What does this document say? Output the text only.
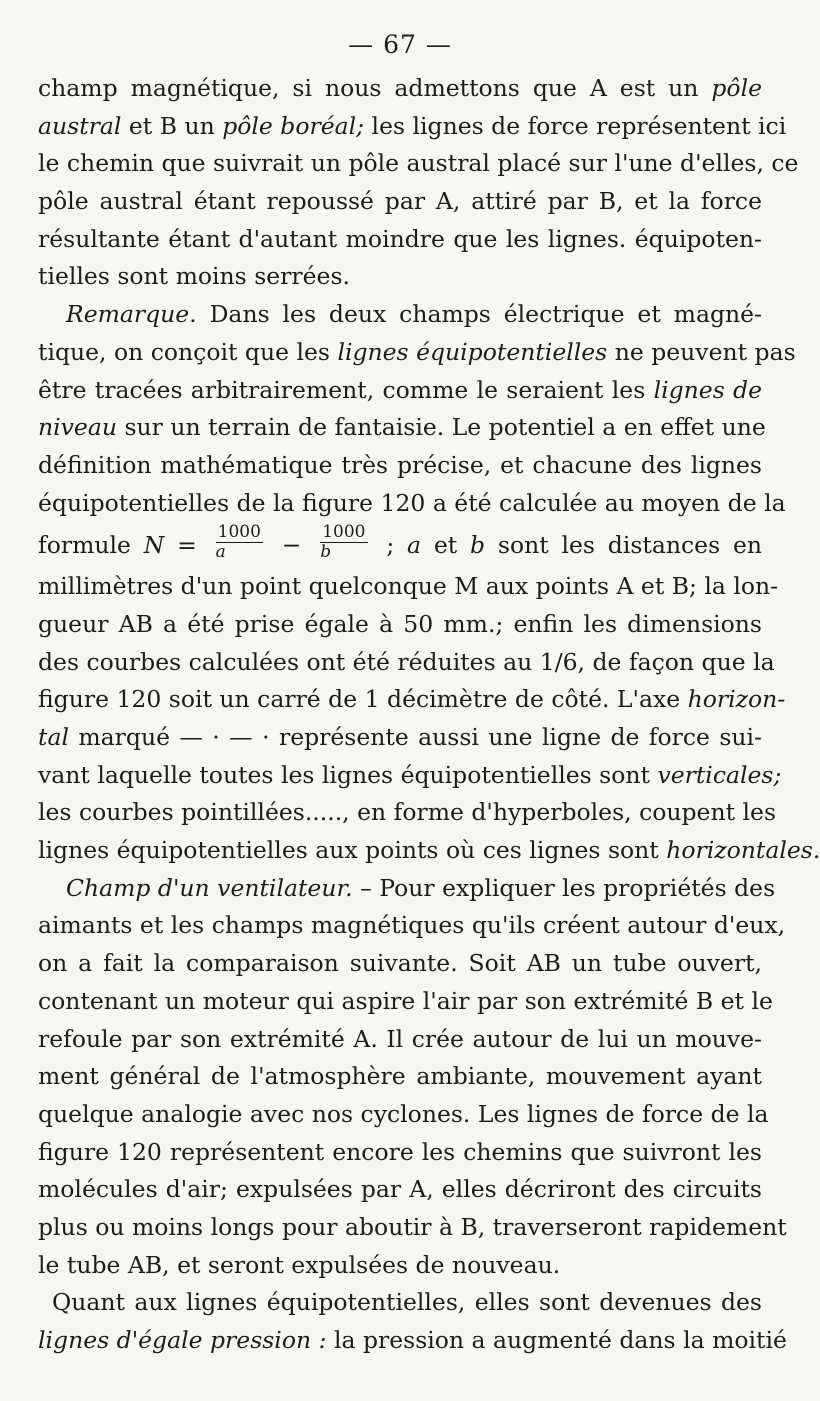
— 67 —
champ magnétique, si nous admettons que A est un pôle
austral et B un pôle boréal; les lignes de force représentent ici
le chemin que suivrait un pôle austral placé sur l'une d'elles, ce
pôle austral étant repoussé par A, attiré par B, et la force
résultante étant d'autant moindre que les lignes. équipoten-
tielles sont moins serrées.
Remarque. Dans les deux champs électrique et magné-
tique, on conçoit que les lignes équipotentielles ne peuvent pas
être tracées arbitrairement, comme le seraient les lignes de
niveau sur un terrain de fantaisie. Le potentiel a en effet une
définition mathématique très précise, et chacune des lignes
équipotentielles de la figure 120 a été calculée au moyen de la
formule $N = \frac{1000}{a} - \frac{1000}{b}$ ; a et b sont les distances en
millimètres d'un point quelconque M aux points A et B; la lon-
gueur AB a été prise égale à 50 mm.; enfin les dimensions
des courbes calculées ont été réduites au 1/6, de façon que la
figure 120 soit un carré de 1 décimètre de côté. L'axe horizon-
tal marqué — · — · représente aussi une ligne de force sui-
vant laquelle toutes les lignes équipotentielles sont verticales;
les courbes pointillées....., en forme d'hyperboles, coupent les
lignes équipotentielles aux points où ces lignes sont horizontales.
Champ d'un ventilateur. – Pour expliquer les propriétés des
aimants et les champs magnétiques qu'ils créent autour d'eux,
on a fait la comparaison suivante. Soit AB un tube ouvert,
contenant un moteur qui aspire l'air par son extrémité B et le
refoule par son extrémité A. Il crée autour de lui un mouve-
ment général de l'atmosphère ambiante, mouvement ayant
quelque analogie avec nos cyclones. Les lignes de force de la
figure 120 représentent encore les chemins que suivront les
molécules d'air; expulsées par A, elles décriront des circuits
plus ou moins longs pour aboutir à B, traverseront rapidement
le tube AB, et seront expulsées de nouveau.
Quant aux lignes équipotentielles, elles sont devenues des
lignes d'égale pression : la pression a augmenté dans la moitié
